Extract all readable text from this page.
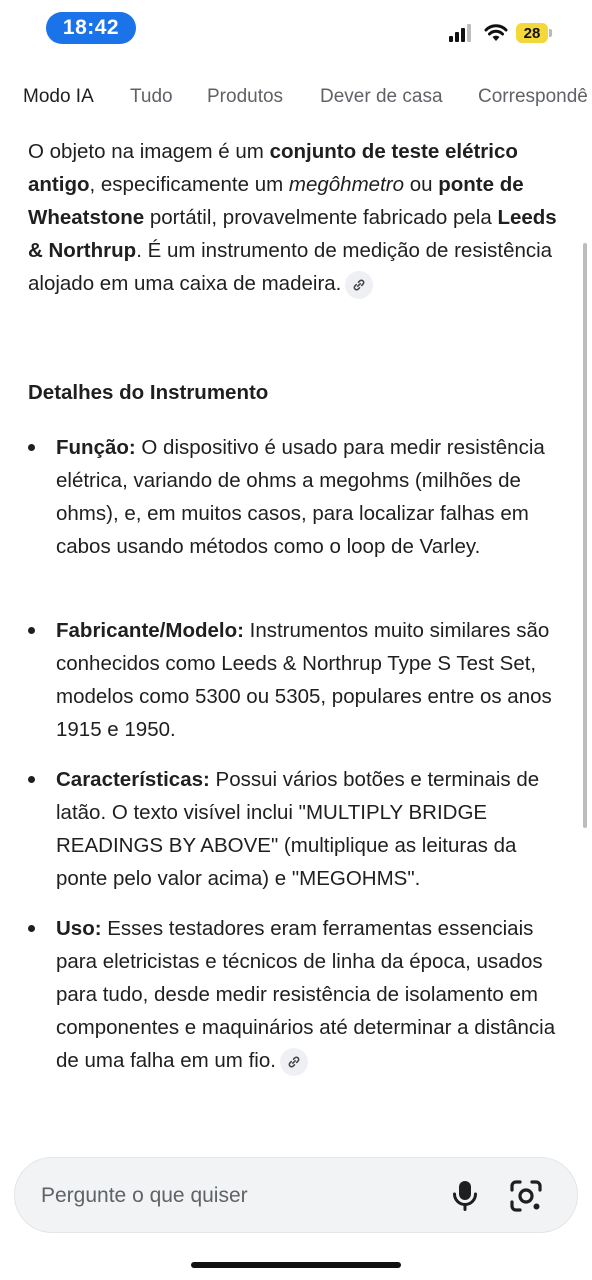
18:42	28
Modo IA Tudo Produtos Dever de casa Correspondê

O objeto na imagem é um conjunto de teste elétrico antigo, especificamente um megôhmetro ou ponte de Wheatstone portátil, provavelmente fabricado pela Leeds & Northrup. É um instrumento de medição de resistência alojado em uma caixa de madeira.

Detalhes do Instrumento
Função: O dispositivo é usado para medir resistência elétrica, variando de ohms a megohms (milhões de ohms), e, em muitos casos, para localizar falhas em cabos usando métodos como o loop de Varley.
Fabricante/Modelo: Instrumentos muito similares são conhecidos como Leeds & Northrup Type S Test Set, modelos como 5300 ou 5305, populares entre os anos 1915 e 1950.
Características: Possui vários botões e terminais de latão. O texto visível inclui "MULTIPLY BRIDGE READINGS BY ABOVE" (multiplique as leituras da ponte pelo valor acima) e "MEGOHMS".
Uso: Esses testadores eram ferramentas essenciais para eletricistas e técnicos de linha da época, usados para tudo, desde medir resistência de isolamento em componentes e maquinários até determinar a distância de uma falha em um fio.
Pergunte o que quiser
